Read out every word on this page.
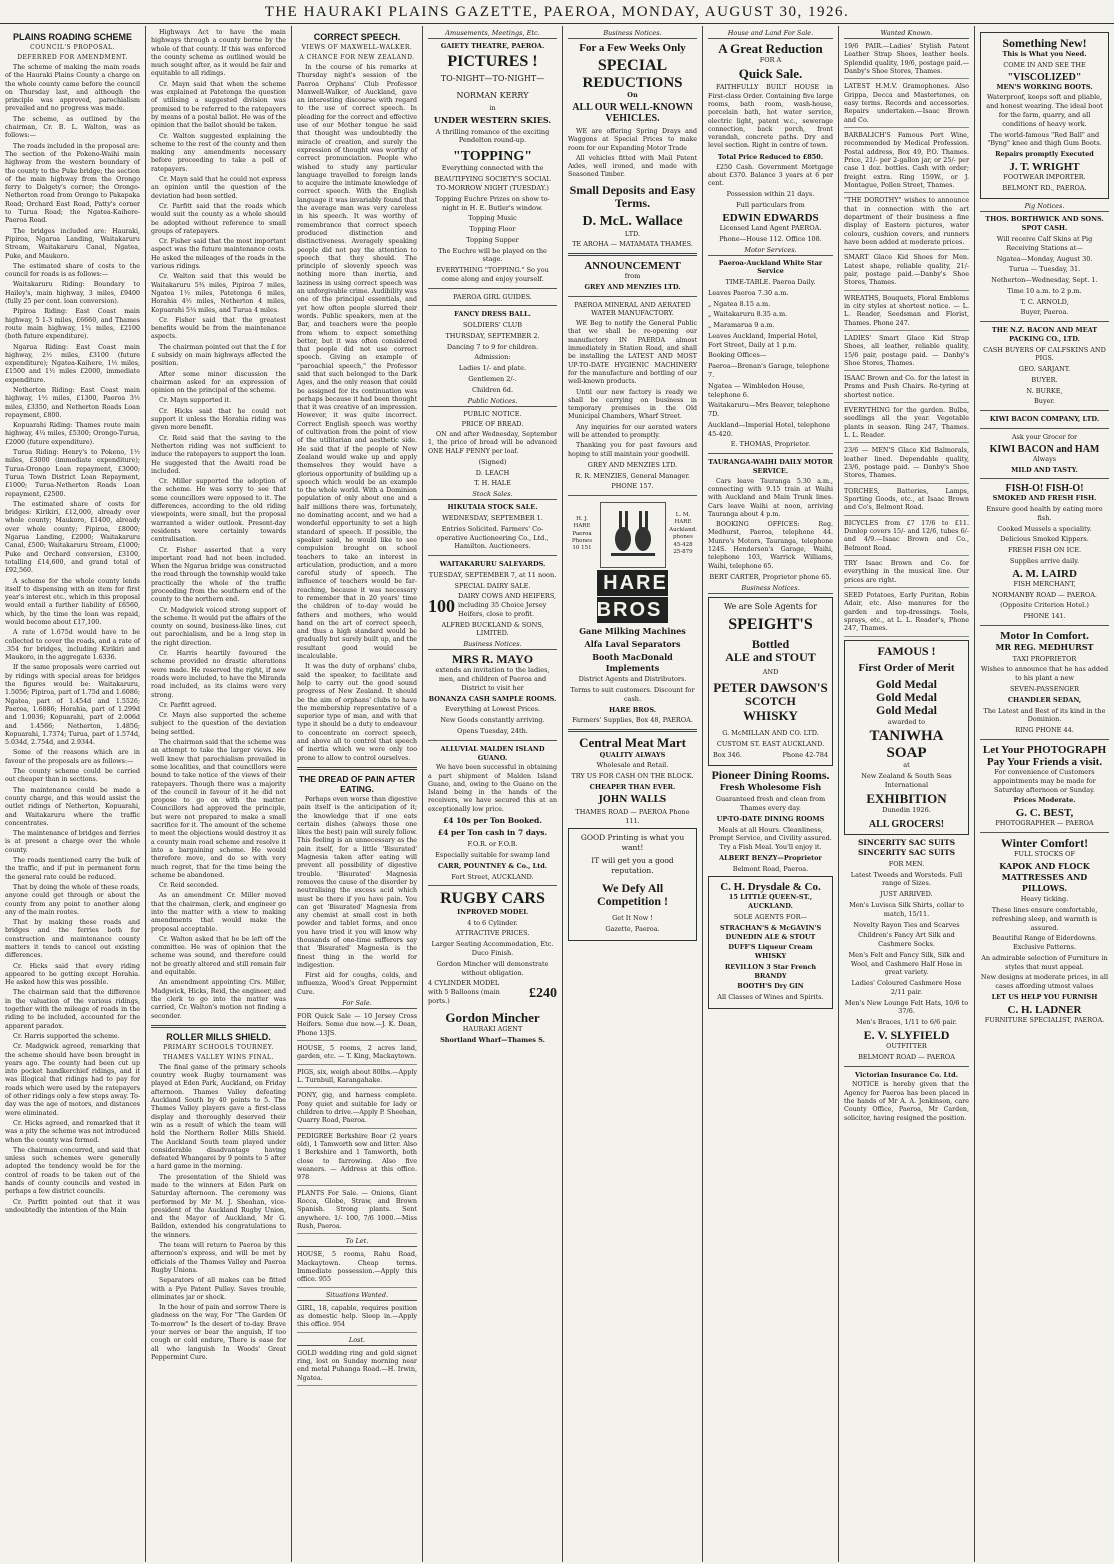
THE HAURAKI PLAINS GAZETTE, PAEROA, MONDAY, AUGUST 30, 1926.
PLAINS ROADING SCHEME
COUNCIL'S PROPOSAL.
DEFERRED FOR AMENDMENT.

The scheme of making the main roads of the Hauraki Plains County a charge on the whole county came before the council on Thursday last, and although the principle was approved, parochialism prevailed and no progress was made.

The scheme, as outlined by the chairman, Cr. B. L. Walton, was as follows:—

The roads included in the proposal are: The section of the Pokeno-Waihi main highway from the western boundary of the county to the Puke bridge; the section of the main highway from the Orongo ferry to Dalgety's corner; the Orongo-Netherton road from Orongo to Pakapaka Road; Orchard East Road, Patty's corner to Turua Road; the Ngatea-Kaihere-Paeroa Road.

The bridges included are: Hauraki, Pipiroa, Ngarua Landing, Waitakaruru Stream, Waitakaruru Canal, Ngatea, Puke, and Maukoro.

The estimated share of costs to the council for roads is as follows:—

Waitakaruru Riding: Boundary to Hailey's, main highway, 3 miles, £9400 (fully 25 per cent. loan conversion).

Pipiroa Riding: East Coast main highway, 5 1-3 miles, £6660, and Thames route main highway, 1¾ miles, £2100 (both future expenditure).

Ngarua Riding: East Coast main highway, 2½ miles, £3100 (future expenditure); Ngatea-Kaihere, 1½ miles, £1500 and 1½ miles £2000, immediate expenditure.

Netherton Riding: East Coast main highway, 1½ miles, £1300, Paeroa 3½ miles, £3350, and Netherton Roads Loan repayment, £800.

Kopuarahi Riding: Thames route main highway, 4¼ miles, £5300; Orongo-Turua, £2000 (future expenditure).

Turua Riding: Henry's to Pokeno, 1½ miles, £3000 (immediate expenditure); Turua-Orongo Loan repayment, £3000; Turua Town District Loan Repayment, £1000; Turua-Netherton Roads Loan repayment, £2500.

The estimated share of costs for bridges: Kirikiri, £12,000, already over whole county; Maukoro, £1400, already over whole county; Pipiroa, £8000; Ngarua Landing, £2000; Waitakaruru Canal, £500; Waitakaruru Stream, £1000; Puke and Orchard conversion, £3100, totalling £14,600, and grand total of £92,560.

A scheme for the whole county lends itself to dispensing with an item for first year's interest etc., which in this proposal would entail a further liability of £6560, which, by the time the loan was repaid, would become about £17,100.

A rate of 1.675d would have to be collected to cover the roads, and a rate of .354 for bridges, including Kirikiri and Maukoro, in the aggregate 1.6336.

If the same proposals were carried out by ridings with special areas for bridges the figures would be: Waitakaruru, 1.5056; Pipiroa, part of 1.75d and 1.6086; Ngatea, part of 1.454d and 1.5526; Paeroa, 1.6886; Horahia, part of 1.299d and 1.0036; Kopuarahi, part of 2.006d and 1.4566; Netherton, 1.4856; Kopuarahi, 1.7374; Turua, part of 1.574d, 5.034d, 2.754d, and 2.9344.

Some of the reasons which are in favour of the proposals are as follows:—

The county scheme could be carried out cheaper than in sections.

The maintenance could be made a county charge, and this would assist the outlet ridings of Netherton, Kopuarahi, and Waitakaruru where the traffic concentrates.

The maintenance of bridges and ferries is at present a charge over the whole county.

The roads mentioned carry the bulk of the traffic, and if put in permanent form the general rate could be reduced.

That by doing the whole of these roads, anyone could get through or about the county from any point to another along any of the main routes.

That by making these roads and bridges and the ferries both for construction and maintenance county matters it tends to cancel out existing differences.

Cr. Hicks said that every riding appeared to be getting except Horahia. He asked how this was possible.

The chairman said that the difference in the valuation of the various ridings, together with the mileage of roads in the riding to be included, accounted for the apparent paradox.

Cr. Harris supported the scheme.

Cr. Madgwick agreed, remarking that the scheme should have been brought in years ago. The county had been cut up into pocket handkerchief ridings, and it was illogical that ridings had to pay for roads which were used by the ratepayers of other ridings only a few steps away. To-day was the age of motors, and distances were eliminated.

Cr. Hicks agreed, and remarked that it was a pity the scheme was not introduced when the county was formed.

The chairman concurred, and said that unless such schemes were generally adopted the tendency would be for the control of roads to be taken out of the hands of county councils and vested in perhaps a few district councils.

Cr. Parfitt pointed out that it was undoubtedly the intention of the Main

Highways Act to have the main highways through a county borne by the whole of that county. If this was enforced the county scheme as outlined would be much sought after, as it would be fair and equitable to all ridings.

Cr. Mayn said that when the scheme was explained at Patetonga the question of utilising a suggested division was promised to be referred to the ratepayers by means of a postal ballot. He was of the opinion that the ballot should be taken.

Cr. Walton suggested explaining the scheme to the rest of the county and then making any amendments necessary before proceeding to take a poll of ratepayers.

Cr. Mayn said that he could not express an opinion until the question of the deviation had been settled.

Cr. Parfitt said that the roads which would suit the county as a whole should be adopted without reference to small groups of ratepayers.

Cr. Fisher said that the most important aspect was the future maintenance costs. He asked the mileages of the roads in the various ridings.

Cr. Walton said that this would be Waitakaruru 5¾ miles, Pipiroa 7 miles, Ngatea 1½ miles, Patetonga 6 miles, Horahia 4½ miles, Netherton 4 miles, Kopuarahi 5¼ miles, and Turua 4 miles.

Cr. Fisher said that the greatest benefits would be from the maintenance aspects.

The chairman pointed out that the £ for £ subsidy on main highways affected the position.

After some minor discussion the chairman asked for an expression of opinion on the principal of the scheme.

Cr. Mayn supported it.

Cr. Hicks said that he could not support it unless the Horahia riding was given more benefit.

Cr. Reid said that the saving to the Netherton riding was not sufficient to induce the ratepayers to support the loan. He suggested that the Awaiti road be included.

Cr. Miller supported the adoption of the scheme. He was sorry to see that some councillors were opposed to it. The differences, according to the old riding viewpoints, were small, but the proposal warranted a wider outlook. Present-day residents were certainly towards centralisation.

Cr. Fisher asserted that a very important road had not been included. When the Ngarua bridge was constructed the road through the township would take practically the whole of the traffic proceeding from the southern end of the county to the northern end.

Cr. Madgwick voiced strong support of the scheme. It would put the affairs of the county on sound, business-like lines, cut out parochialism, and be a long step in the right direction.

Cr. Harris heartily favoured the scheme provided no drastic alterations were made. He reserved the right, if new roads were included, to have the Miranda road included, as its claims were very strong.

Cr. Parfitt agreed.

Cr. Mayn also supported the scheme subject to the question of the deviation being settled.

The chairman said that the scheme was an attempt to take the larger views. He well knew that parochialism prevailed in some localities, and that councillors were bound to take notice of the views of their ratepayers. Though there was a majority of the council in favour of it he did not propose to go on with the matter. Councillors had approved the principle, but were not prepared to make a small sacrifice for it. The amount of the scheme to meet the objections would destroy it as a county main road scheme and resolve it into a bargaining scheme. He would therefore move, and do so with very much regret, that for the time being the scheme be abandoned.

Cr. Reid seconded.

As an amendment Cr. Miller moved that the chairman, clerk, and engineer go into the matter with a view to making amendments that would make the proposal acceptable.

Cr. Walton asked that he be left off the committee. He was of opinion that the scheme was sound, and therefore could not be greatly altered and still remain fair and equitable.

An amendment appointing Crs. Miller, Madgwick, Hicks, Reid, the engineer, and the clerk to go into the matter was carried, Cr. Walton's motion not finding a seconder.

ROLLER MILLS SHIELD.
PRIMARY SCHOOLS TOURNEY.
THAMES VALLEY WINS FINAL.

The final game of the primary schools country week Rugby tournament was played at Eden Park, Auckland, on Friday afternoon. Thames Valley defeating Auckland South by 40 points to 5. The Thames Valley players gave a first-class display and thoroughly deserved their win as a result of which the team will hold the Northern Roller Mills Shield. The Auckland South team played under considerable disadvantage having defeated Whangarei by 9 points to 5 after a hard game in the morning.

The presentation of the Shield was made to the winners at Eden Park on Saturday afternoon. The ceremony was performed by Mr M. J. Sheahan, vice-president of the Auckland Rugby Union, and the Mayor of Auckland, Mr G. Baildon, extended his congratulations to the winners.

The team will return to Paeroa by this afternoon's express, and will be met by officials of the Thames Valley and Paeroa Rugby Unions.

Separators of all makes can be fitted with a Pye Patent Pulley. Saves trouble, eliminates jar or shock.

In the hour of pain and sorrow There is gladness on the way, For "The Garden Of To-morrow" Is the desert of to-day. Brave your nerves or bear the anguish, If too cough or cold endure, There is ease for all who languish In Woods' Great Peppermint Cure.

CORRECT SPEECH.
VIEWS OF MAXWELL-WALKER.
A CHANCE FOR NEW ZEALAND.

In the course of his remarks at Thursday night's session of the Paeroa Orphans' Club Professor Maxwell-Walker, of Auckland, gave an interesting discourse with regard to the use of correct speech. In pleading for the correct and effective use of our Mother tongue he said that thought was undoubtedly the miracle of creation, and surely the expression of thought was worthy of correct pronunciation. People who wished to study any particular language travelled to foreign lands to acquire the intimate knowledge of correct speech. With the English language it was invariably found that the average man was very careless in his speech. It was worthy of remembrance that correct speech produced distinction and distinctiveness. Averagely speaking people did not pay the attention to speech that they should. The principle of slovenly speech was nothing more than inertia, and laziness in using correct speech was an unforgivable crime. Audibility was one of the principal essentials, and yet how often people slurred their words. Public speakers, men at the Bar, and teachers were the people from whom to expect something better, but it was often considered that people did not use correct speech. Giving an example of "paroachial speech," the Professor said that such belonged to the Dark Ages, and the only reason that could be assigned for its continuation was perhaps because it had been thought that it was creative of an impression. However, it was quite incorrect. Correct English speech was worthy of cultivation from the point of view of the utilitarian and aesthetic side. He said that if the people of New Zealand would wake up and apply themselves they would have a glorious opportunity of building up a speech which would be an example to the whole world. With a Dominion population of only about one and a half millions there was, fortunately, no dominating accent, and we had a wonderful opportunity to set a high standard of speech. If possible, the speaker said, he would like to see compulsion brought on school teachers to take an interest in articulation, production, and a more careful study of speech. The influence of teachers would be far-reaching, because it was necessary to remember that in 20 years' time the children of to-day would be fathers and mothers, who would hand on the art of correct speech, and thus a high standard would be gradually but surely built up, and the resultant good would be incalculable.

It was the duty of orphans' clubs, said the speaker, to facilitate and help to carry out the good sound progress of New Zealand. It should be the aim of orphans' clubs to have the membership representative of a superior type of man, and with that type it should be a duty to endeavour to concentrate on correct speech, and above all to control that speech of inertia which we were only too prone to allow to control ourselves.

THE DREAD OF PAIN AFTER EATING.

Perhaps even worse than digestive pain itself is the anticipation of it; the knowledge that if one eats certain dishes (always those one likes the best) pain will surely follow. This feeling is an unnecessary as the pain itself, for a little 'Bisurated' Magnesia taken after eating will prevent all possibility of digestive trouble. 'Bisurated' Magnesia removes the cause of the disorder by neutralising the excess acid which must be there if you have pain. You can get 'Bisurated' Magnesia from any chemist at small cost in both powder and tablet forms, and once you have tried it you will know why thousands of one-time sufferers say that 'Bisurated' Magnesia is the finest thing in the world for indigestion.

First aid for coughs, colds, and influenza, Wood's Great Peppermint Cure.

For Sale.
FOR Quick Sale — 10 Jersey Cross Heifers. Some due now.—J. K. Dean, Phone 13JS.
HOUSE, 5 rooms, 2 acres land, garden, etc. — T. King, Mackaytown.
PIGS, six, weigh about 80lbs.—Apply L. Turnbull, Karangahake.
PONY, gig, and harness complete. Pony quiet and suitable for lady or children to drive.—Apply P. Sheehan, Quarry Road, Paeroa.
PEDIGREE Berkshire Boar (2 years old), 1 Tamworth sow and litter. Also 1 Berkshire and 1 Tamworth, both close to farrowing. Also five weaners. — Address at this office. 978
PLANTS For Sale. — Onions, Giant Rocca, Globe, Straw, and Brown Spanish. Strong plants. Sent anywhere. 1/- 100, 7/6 1000.—Miss Rush, Paeroa.
To Let.
HOUSE, 5 rooms, Rahu Road, Mackaytown. Cheap terms. Immediate possession.—Apply this office. 955
Situations Wanted.
GIRL, 18, capable, requires position as domestic help. Sleep in.—Apply this office. 954
Lost.
GOLD wedding ring and gold signet ring, lost on Sunday morning near end metal Puhanga Road.—H. Irwin, Ngatea.
Amusements, Meetings, Etc.
GAIETY THEATRE, PAEROA.
PICTURES !
TO-NIGHT—TO-NIGHT—
NORMAN KERRY
in
UNDER WESTERN SKIES.
A thrilling romance of the exciting Pendelton round-up.
"TOPPING"
Everything connected with the
BEAUTIFYING SOCIETY'S SOCIAL TO-MORROW NIGHT (TUESDAY.)
Topping Euchre Prizes on show to-night in H. E. Butler's window.
Topping Music
Topping Floor
Topping Supper
The Euchre will be played on the stage.
EVERYTHING "TOPPING." So you come along and enjoy yourself.
PAEROA GIRL GUIDES.
FANCY DRESS BALL.
SOLDIERS' CLUB
THURSDAY, SEPTEMBER 2.
Dancing 7 to 9 for children.
Admission:
Ladies 1/- and plate.
Gentlemen 2/-.
Children 6d.
Public Notices.
PUBLIC NOTICE.
PRICE OF BREAD.

ON and after Wednesday, September 1, the price of bread will be advanced ONE HALF PENNY per loaf.

(Signed)
D. LEACH
T. H. HALE
Stock Sales.
HIKUTAIA STOCK SALE.
WEDNESDAY, SEPTEMBER 1.
Entries Solicited. Farmers' Co-operative Auctioneering Co., Ltd., Hamilton. Auctioneers.
WAITAKARURU SALEYARDS.
TUESDAY, SEPTEMBER 7, at 11 noon.
SPECIAL DAIRY SALE.
100 DAIRY COWS AND HEIFERS, including 35 Choice Jersey Heifers, close to profit.
ALFRED BUCKLAND & SONS, LIMITED.
Business Notices.
MRS R. MAYO
extends an invitation to the ladies, men, and children of Paeroa and District to visit her
BONANZA CASH SAMPLE ROOMS.
Everything at Lowest Prices.
New Goods constantly arriving.
Opens Tuesday, 24th.
ALLUVIAL MALDEN ISLAND GUANO.

We have been successful in obtaining a part shipment of Malden Island Guano, and, owing to the Guano on the Island being in the hands of the receivers, we have secured this at an exceptionally low price.

£4 10s per Ton Booked.
£4 per Ton cash in 7 days.
F.O.R. or F.O.B.
Especially suitable for swamp land
CARR, POUNTNEY & Co., Ltd.
Fort Street, AUCKLAND.
RUGBY CARS
INPROVED MODEL
4 to 6 Cylinder.
ATTRACTIVE PRICES.
Larger Seating Accommodation, Etc. Duco Finish.
Gordon Mincher will demonstrate without obligation.
4 CYLINDER MODEL with 5 Balloons (main ports.)
£240
Gordon Mincher
HAURAKI AGENT
Shortland Wharf—Thames S.
Business Notices.
For a Few Weeks Only
SPECIAL
REDUCTIONS
On
ALL OUR WELL-KNOWN VEHICLES.

WE are offering Spring Drays and Waggons at Special Prices to make room for our Expanding Motor Trade

All vehicles fitted with Mail Patent Axles, well ironed, and made with Seasoned Timber.

Small Deposits and Easy Terms.
D. McL. Wallace
LTD.
TE AROHA — MATAMATA THAMES.
ANNOUNCEMENT
from
GREY AND MENZIES LTD.
PAEROA MINERAL AND AERATED WATER MANUFACTORY.

WE Beg to notify the General Public that we shall be re-opening our manufactory IN PAEROA almost immediately in Station Road, and shall be installing the LATEST AND MOST UP-TO-DATE HYGIENIC MACHINERY for the manufacture and bottling of our well-known products.

Until our new factory is ready we shall be carrying on business in temporary premises in the Old Municipal Chambers, Wharf Street.

Any inquiries for our aerated waters will be attended to promptly.

Thanking you for past favours and hoping to still maintain your goodwill.

GREY AND MENZIES LTD.
R. R. MENZIES, General Manager.
PHONE 157.
H. J. HARE Paeroa Phones 10 151
L. M. HARE Auckland. phones 45-428 25-879
HARE BROS
Gane Milking Machines
Alfa Laval Separators
Booth MacDonald Implements
District Agents and Distributors.
Terms to suit customers. Discount for cash.
HARE BROS.
Farmers' Supplies, Box 48, PAEROA.
Central Meat Mart
QUALITY ALWAYS
Wholesale and Retail.
TRY US FOR CASH ON THE BLOCK.
CHEAPER THAN EVER.
JOHN WALLS
THAMES ROAD — PAEROA Phone 111.
GOOD Printing is what you want!
IT will get you a good reputation.
We Defy All Competition !
Get It Now !
Gazette, Paeroa.
House and Land For Sale.
A Great Reduction
FOR A
Quick Sale.

FAITHFULLY BUILT HOUSE in First-class Order. Containing five large rooms, bath room, wash-house, porcelain bath, hot water service, electric light, patent w.c., sewerage connection, back porch, front verandah, concrete paths. Dry and level section. Right in centre of town.

Total Price Reduced to £850.

£250 Cash. Government Mortgage about £370. Balance 3 years at 6 per cent.

Possession within 21 days.
Full particulars from
EDWIN EDWARDS
Licensed Land Agent PAEROA.
Phone—House 112. Office 108.
Motor Services.
Paeroa-Auckland White Star Service
TIME-TABLE. Paeroa Daily.
Leaves Paeroa 7.30 a.m.
„ Ngatea 8.15 a.m.
„ Waitakaruru 8.35 a.m.
„ Maramarua 9 a.m.
Leaves Auckland, Imperial Hotel, Fort Street, Daily at 1 p.m.
Booking Offices—
Paeroa—Brenan's Garage, telephone 7.
Ngatea — Wimbledon House, telephone 6.
Waitakaruru—Mrs Beaver, telephone 7D.
Auckland—Imperial Hotel, telephone 45-420.
E. THOMAS, Proprietor.
TAURANGA-WAIHI DAILY MOTOR SERVICE.

Cars leave Tauranga 5.30 a.m., connecting with 9.15 train at Waihi with Auckland and Main Trunk lines. Cars leave Waihi at noon, arriving Tauranga about 4 p.m.

BOOKING OFFICES: Reg. Medhurst, Paeroa, telephone 44. Munro's Motors, Tauranga, telephone 124S. Henderson's Garage, Waihi, telephone 103, Warrick Williams, Waihi, telephone 65.

BERT CARTER, Proprietor phone 65.
Business Notices.
We are Sole Agents for
SPEIGHT'S
Bottled
ALE and STOUT
AND
PETER DAWSON'S
SCOTCH
WHISKY
G. McMILLAN AND CO. LTD.
CUSTOM ST. EAST AUCKLAND.
Box 346.	Phone 42-784
Pioneer Dining Rooms.
Fresh Wholesome Fish
Guaranteed fresh and clean from Thames every day.
UP-TO-DATE DINING ROOMS
Meals at all Hours. Cleanliness, Prompt Service, and Civility assured. Try a Fish Meal. You'll enjoy it.
ALBERT BENZY—Proprietor
Belmont Road, Paeroa.
C. H. Drysdale & Co.
15 LITTLE QUEEN-ST., AUCKLAND.
SOLE AGENTS FOR—
STRACHAN'S & McGAVIN'S DUNEDIN ALE & STOUT
DUFF'S Liqueur Cream WHISKY
REVILLON 3 Star French BRANDY
BOOTH'S Dry GIN
All Classes of Wines and Spirits.
Wanted Known.
19/6 PAIR.—Ladies' Stylish Patent Leather Strap Shoes, leather heels. Splendid quality, 19/6, postage paid.—Danby's Shoe Stores, Thames.
LATEST H.M.V. Gramophones. Also Grippa, Decca and Mastertones, on easy terms. Records and accessories. Repairs undertaken.—Isaac Brown and Co.
BARBALICH'S Famous Port Wine, recommended by Medical Profession. Postal address, Box 49, P.O. Thames. Price, 21/- per 2-gallon jar, or 25/- per case 1 doz. bottles. Cash with order; freight extra. Ring 159W., or J. Montague, Pollen Street, Thames.
"THE DOROTHY" wishes to announce that in connection with the art department of their business a fine display of Eastern pictures, water colours, cushion covers, and runners have been added at moderate prices.
SMART Glace Kid Shoes for Men. Latest shape, reliable quality, 21/- pair, postage paid.—Danby's Shoe Stores, Thames.
WREATHS, Bouquets, Floral Emblems in city styles at shortest notice. — L. L. Reader, Seedsman and Florist, Thames. Phone 247.
LADIES' Smart Glace Kid Strap Shoes, all leather, reliable quality, 15/6 pair, postage paid. — Danby's Shoe Stores, Thames.
ISAAC Brown and Co. for the latest in Prams and Push Chairs. Re-tyring at shortest notice.
EVERYTHING for the garden. Bulbs, seedlings all the year. Vegetable plants in season. Ring 247, Thames. L. L. Reader.
23/6 — MEN'S Glace Kid Balmorals, leather lined. Dependable quality, 23/6, postage paid. — Danby's Shoe Stores, Thames.
TORCHES, Batteries, Lamps, Sporting Goods, etc., at Isaac Brown and Co's, Belmont Road.
BICYCLES from £7 17/6 to £11. Dunlop covers 15/- and 12/6, tubes 6/- and 4/9.—Isaac Brown and Co., Belmont Road.
TRY Isaac Brown and Co. for everything in the musical line. Our prices are right.
SEED Potatoes, Early Puritan, Robin Adair, etc. Also manures for the garden and top-dressings. Tools, sprays, etc., at L. L. Reader's, Phone 247, Thames.
FAMOUS !
First Order of Merit
Gold Medal
Gold Medal
Gold Medal
awarded to
TANIWHA
SOAP
at
New Zealand & South Seas International
EXHIBITION
Dunedin 1926.
ALL GROCERS!
SINCERITY SAC SUITS SINCERITY SAC SUITS
FOR MEN.
Latest Tweeds and Worsteds. Full range of Sizes.
JUST ARRIVED.
Men's Luvisca Silk Shirts, collar to match, 15/11.
Novelty Rayon Ties and Scarves
Children's Fancy Art Silk and Cashmere Socks.
Men's Felt and Fancy Silk, Silk and Wool, and Cashmere Half Hose in great variety.
Ladies' Coloured Cashmere Hose 2/11 pair.
Men's New Lounge Felt Hats, 10/6 to 37/6.
Men's Braces, 1/11 to 6/6 pair.
E. V. SLYFIELD
OUTFITTER
BELMONT ROAD — PAEROA
Victorian Insurance Co. Ltd.

NOTICE is hereby given that the Agency for Paeroa has been placed in the hands of Mr A. A. Jenkinson, care County Office, Paeroa, Mr Carden, solicitor, having resigned the position.

Something New!
This is What you Need.
COME IN AND SEE THE
"VISCOLIZED"
MEN'S WORKING BOOTS.
Waterproof, keeps soft and pliable, and honest wearing. The ideal boot for the farm, quarry, and all conditions of heavy work.
The world-famous "Red Ball" and "Byng" knee and thigh Gum Boots.
Repairs promptly Executed
J. T. WRIGHT
FOOTWEAR IMPORTER.
BELMONT RD., PAEROA.
Pig Notices.
THOS. BORTHWICK AND SONS. SPOT CASH.
Will receive Calf Skins at Pig Receiving Stations at—
Ngatea—Monday, August 30.
Turua — Tuesday, 31.
Netherton—Wednesday, Sept. 1.
Time 10 a.m. to 2 p.m.
T. C. ARNOLD,
Buyer, Paeroa.
THE N.Z. BACON AND MEAT PACKING CO., LTD.
CASH BUYERS OF CALFSKINS AND PIGS.
GEO. SARJANT.
BUYER.
N. BURKE,
Buyer.
KIWI BACON COMPANY, LTD.
Ask your Grocer for
KIWI BACON and HAM
Always
MILD AND TASTY.
FISH-O! FISH-O!
SMOKED AND FRESH FISH.
Ensure good health by eating more fish.
Cooked Mussels a speciality.
Delicious Smoked Kippers.
FRESH FISH ON ICE.
Supplies arrive daily.
A. M. LAIRD
FISH MERCHANT,
NORMANBY ROAD — PAEROA.
(Opposite Criterion Hotel.)
PHONE 141.
Motor In Comfort.
MR REG. MEDHURST
TAXI PROPRIETOR
Wishes to announce that he has added to his plant a new
SEVEN-PASSENGER
CHANDLER SEDAN,
The Latest and Best of its kind in the Dominion.
RING PHONE 44.
Let Your PHOTOGRAPH Pay Your Friends a visit.
For convenience of Customers appointments may be made for Saturday afternoon or Sunday.
Prices Moderate.
G. C. BEST,
PHOTOGRAPHER — PAEROA
Winter Comfort!
FULL STOCKS OF
KAPOK AND FLOCK MATTRESSES AND PILLOWS.
Heavy ticking.
These lines ensure comfortable, refreshing sleep, and warmth is assured.
Beautiful Range of Eiderdowns. Exclusive Patterns.
An admirable selection of Furniture in styles that must appeal.
New designs at moderate prices, in all cases affording utmost values
LET US HELP YOU FURNISH
C. H. LADNER
FURNITURE SPECIALIST, PAEROA.
